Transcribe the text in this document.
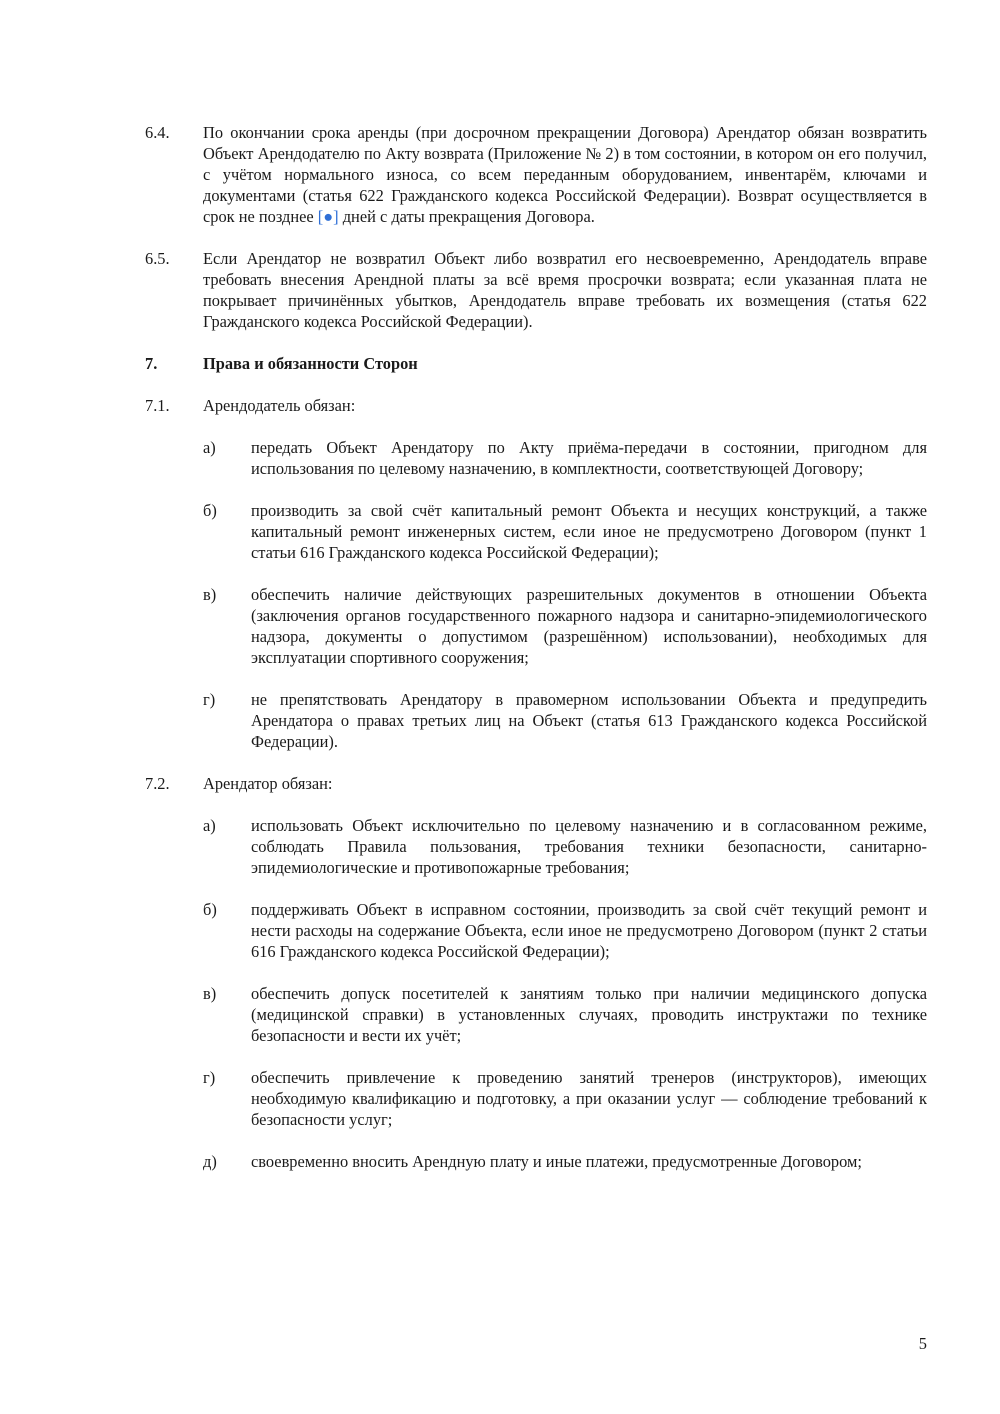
6.4. По окончании срока аренды (при досрочном прекращении Договора) Арендатор обязан возвратить Объект Арендодателю по Акту возврата (Приложение № 2) в том состоянии, в котором он его получил, с учётом нормального износа, со всем переданным оборудованием, инвентарём, ключами и документами (статья 622 Гражданского кодекса Российской Федерации). Возврат осуществляется в срок не позднее [●] дней с даты прекращения Договора.
6.5. Если Арендатор не возвратил Объект либо возвратил его несвоевременно, Арендодатель вправе требовать внесения Арендной платы за всё время просрочки возврата; если указанная плата не покрывает причинённых убытков, Арендодатель вправе требовать их возмещения (статья 622 Гражданского кодекса Российской Федерации).
7.	Права и обязанности Сторон
7.1. Арендодатель обязан:
а) передать Объект Арендатору по Акту приёма-передачи в состоянии, пригодном для использования по целевому назначению, в комплектности, соответствующей Договору;
б) производить за свой счёт капитальный ремонт Объекта и несущих конструкций, а также капитальный ремонт инженерных систем, если иное не предусмотрено Договором (пункт 1 статьи 616 Гражданского кодекса Российской Федерации);
в) обеспечить наличие действующих разрешительных документов в отношении Объекта (заключения органов государственного пожарного надзора и санитарно-эпидемиологического надзора, документы о допустимом (разрешённом) использовании), необходимых для эксплуатации спортивного сооружения;
г) не препятствовать Арендатору в правомерном использовании Объекта и предупредить Арендатора о правах третьих лиц на Объект (статья 613 Гражданского кодекса Российской Федерации).
7.2. Арендатор обязан:
а) использовать Объект исключительно по целевому назначению и в согласованном режиме, соблюдать Правила пользования, требования техники безопасности, санитарно-эпидемиологические и противопожарные требования;
б) поддерживать Объект в исправном состоянии, производить за свой счёт текущий ремонт и нести расходы на содержание Объекта, если иное не предусмотрено Договором (пункт 2 статьи 616 Гражданского кодекса Российской Федерации);
в) обеспечить допуск посетителей к занятиям только при наличии медицинского допуска (медицинской справки) в установленных случаях, проводить инструктажи по технике безопасности и вести их учёт;
г) обеспечить привлечение к проведению занятий тренеров (инструкторов), имеющих необходимую квалификацию и подготовку, а при оказании услуг — соблюдение требований к безопасности услуг;
д) своевременно вносить Арендную плату и иные платежи, предусмотренные Договором;
5
